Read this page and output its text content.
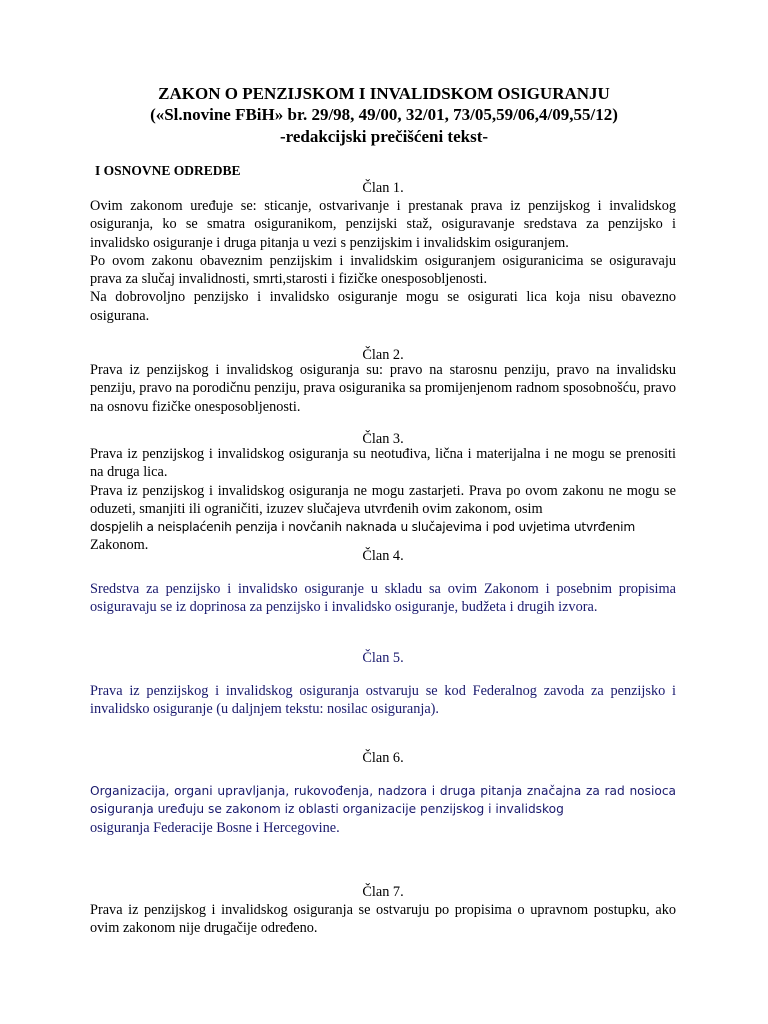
ZAKON O PENZIJSKOM I INVALIDSKOM OSIGURANJU

(«Sl.novine FBiH» br. 29/98, 49/00, 32/01, 73/05,59/06,4/09,55/12)

-redakcijski prečišćeni tekst-

I OSNOVNE ODREDBE
Član 1.

Ovim zakonom uređuje se: sticanje, ostvarivanje i prestanak prava iz penzijskog i invalidskog osiguranja, ko se smatra osiguranikom, penzijski staž, osiguravanje sredstava za penzijsko i invalidsko osiguranje i druga pitanja u vezi s penzijskim i invalidskim osiguranjem.

Po ovom zakonu obaveznim penzijskim i invalidskim osiguranjem osiguranicima se osiguravaju prava za slučaj invalidnosti, smrti,starosti i fizičke onesposobljenosti.

Na dobrovoljno penzijsko i invalidsko osiguranje mogu se osigurati lica koja nisu obavezno osigurana.

Član 2.

Prava iz penzijskog i invalidskog osiguranja su: pravo na starosnu penziju, pravo na invalidsku penziju, pravo na porodičnu penziju, prava osiguranika sa promijenjenom radnom sposobnošću, pravo na osnovu fizičke onesposobljenosti.

Član 3.

Prava iz penzijskog i invalidskog osiguranja su neotuđiva, lična i materijalna i ne mogu se prenositi na druga lica.

Prava iz penzijskog i invalidskog osiguranja ne mogu zastarjeti. Prava po ovom zakonu ne mogu se oduzeti, smanjiti ili ograničiti, izuzev slučajeva utvrđenih ovim zakonom, osim

dospjelih a neisplaćenih penzija i novčanih naknada u slučajevima i pod uvjetima utvrđenim

Zakonom.

Član 4.

Sredstva za penzijsko i invalidsko osiguranje u skladu sa ovim Zakonom i posebnim propisima osiguravaju se iz doprinosa za penzijsko i invalidsko osiguranje, budžeta i drugih izvora.

Član 5.

Prava iz penzijskog i invalidskog osiguranja ostvaruju se kod Federalnog zavoda za penzijsko i invalidsko osiguranje (u daljnjem tekstu: nosilac osiguranja).

Član 6.

Organizacija, organi upravljanja, rukovođenja, nadzora i druga pitanja značajna za rad nosioca osiguranja uređuju se zakonom iz oblasti organizacije penzijskog i invalidskog

osiguranja Federacije Bosne i Hercegovine.

Član 7.

Prava iz penzijskog i invalidskog osiguranja se ostvaruju po propisima o upravnom postupku, ako ovim zakonom nije drugačije određeno.
